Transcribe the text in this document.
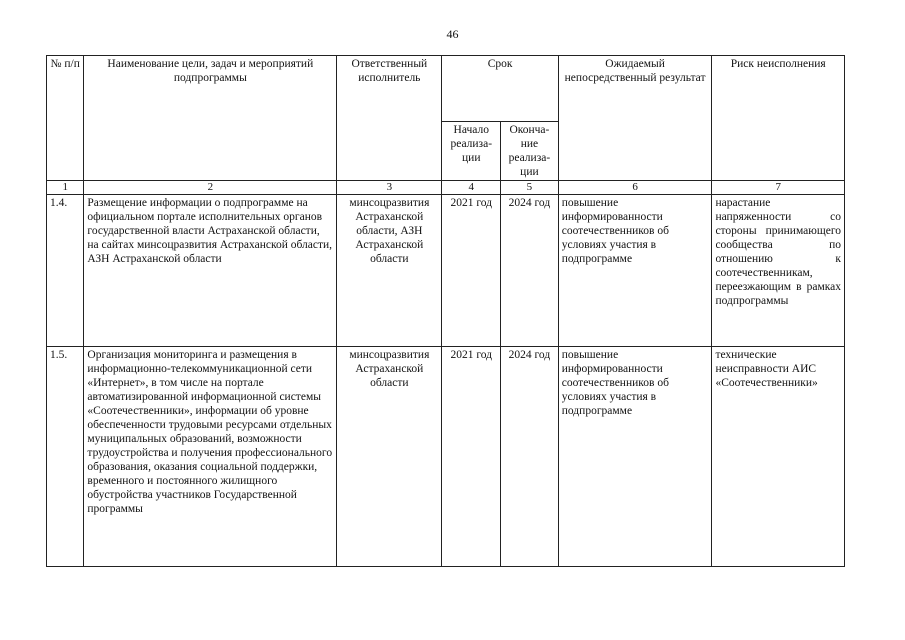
46
№ п/п	Наименование цели, задач и мероприятий подпрограммы	Ответственный исполнитель	Срок		Ожидаемый непосредственный результат	Риск неисполнения
			Начало реализа-ции	Оконча-ние реализа-ции		
1	2	3	4	5	6	7
1.4.	Размещение информации о подпрограмме на официальном портале исполнительных органов государственной власти Астраханской области, на сайтах минсоцразвития Астраханской области, АЗН Астраханской области	минсоцразвития Астраханской области, АЗН Астраханской области	2021 год	2024 год	повышение информированности соотечественников об условиях участия в подпрограмме	нарастание напряженности со стороны принимающего сообщества по отношению к соотечественникам, переезжающим в рамках подпрограммы
1.5.	Организация мониторинга и размещения в информационно-телекоммуникационной сети «Интернет», в том числе на портале автоматизированной информационной системы «Соотечественники», информации об уровне обеспеченности трудовыми ресурсами отдельных муниципальных образований, возможности трудоустройства и получения профессионального образования, оказания социальной поддержки, временного и постоянного жилищного обустройства участников Государственной программы	минсоцразвития Астраханской области	2021 год	2024 год	повышение информированности соотечественников об условиях участия в подпрограмме	технические неисправности АИС «Соотечественники»
